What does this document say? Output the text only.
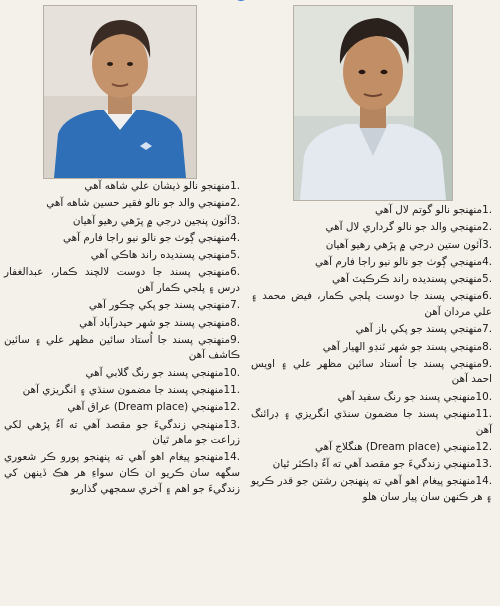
1.منهنجو نالو ذيشان علي شاهه آهي

2.منهنجي والد جو نالو فقير حسين شاهه آهي

3.آئون پنجين درجي ۾ پڙهي رهيو آهيان

4.منهنجي ڳوٺ جو نالو نيو راجا فارم آهي

5.منهنجي پسنديده راند هاڪي آهي

6.منهنجي پسند جا دوست لالچند ڪمار، عبدالغفار درس ۽ پلجي ڪمار آهن

7.منهنجي پسند جو پکي چڪور آهي

8.منهنجي پسند جو شهر حيدرآباد آهي

9.منهنجي پسند جا اُستاد سائين مظهر علي ۽ سائين ڪاشف آهن

10.منهنجي پسند جو رنگ گلابي آهي

11.منهنجي پسند جا مضمون سنڌي ۽ انگريزي آهن

12.منهنجي (Dream place) عراق آهي

13.منهنجي زندگيءَ جو مقصد آهي ته آءٌ پڙهي لکي زراعت جو ماهر ٿيان

14.منهنجو پيغام اهو آهي ته پنهنجو پورو ڪر شعوري سگهه سان ڪريو ان ڪان سواءِ هر هڪ ڏينهن کي زندگيءَ جو اهم ۽ آخري سمجهي گذاريو

1.منهنجو نالو گوتم لال آهي

2.منهنجي والد جو نالو گرداري لال آهي

3.آئون ستين درجي ۾ پڙهي رهيو آهيان

4.منهنجي ڳوٺ جو نالو نيو راجا فارم آهي

5.منهنجي پسنديده راند ڪرڪيٽ آهي

6.منهنجي پسند جا دوست پلجي ڪمار، فيض محمد ۽ علي مردان آهن

7.منهنجي پسند جو پکي باز آهي

8.منهنجي پسند جو شهر ٽنڊو الهيار آهي

9.منهنجي پسند جا اُستاد سائين مظهر علي ۽ اويس احمد آهن

10.منهنجي پسند جو رنگ سفيد آهي

11.منهنجي پسند جا مضمون سنڌي انگريزي ۽ ڊرائنگ آهن

12.منهنجي (Dream place) هنگلاج آهي

13.منهنجي زندگيءَ جو مقصد آهي ته آءٌ ڊاڪٽر ٿيان

14.منهنجو پيغام اهو آهي ته پنهنجن رشتن جو قدر ڪريو ۽ هر ڪنهن سان پيار سان هلو
